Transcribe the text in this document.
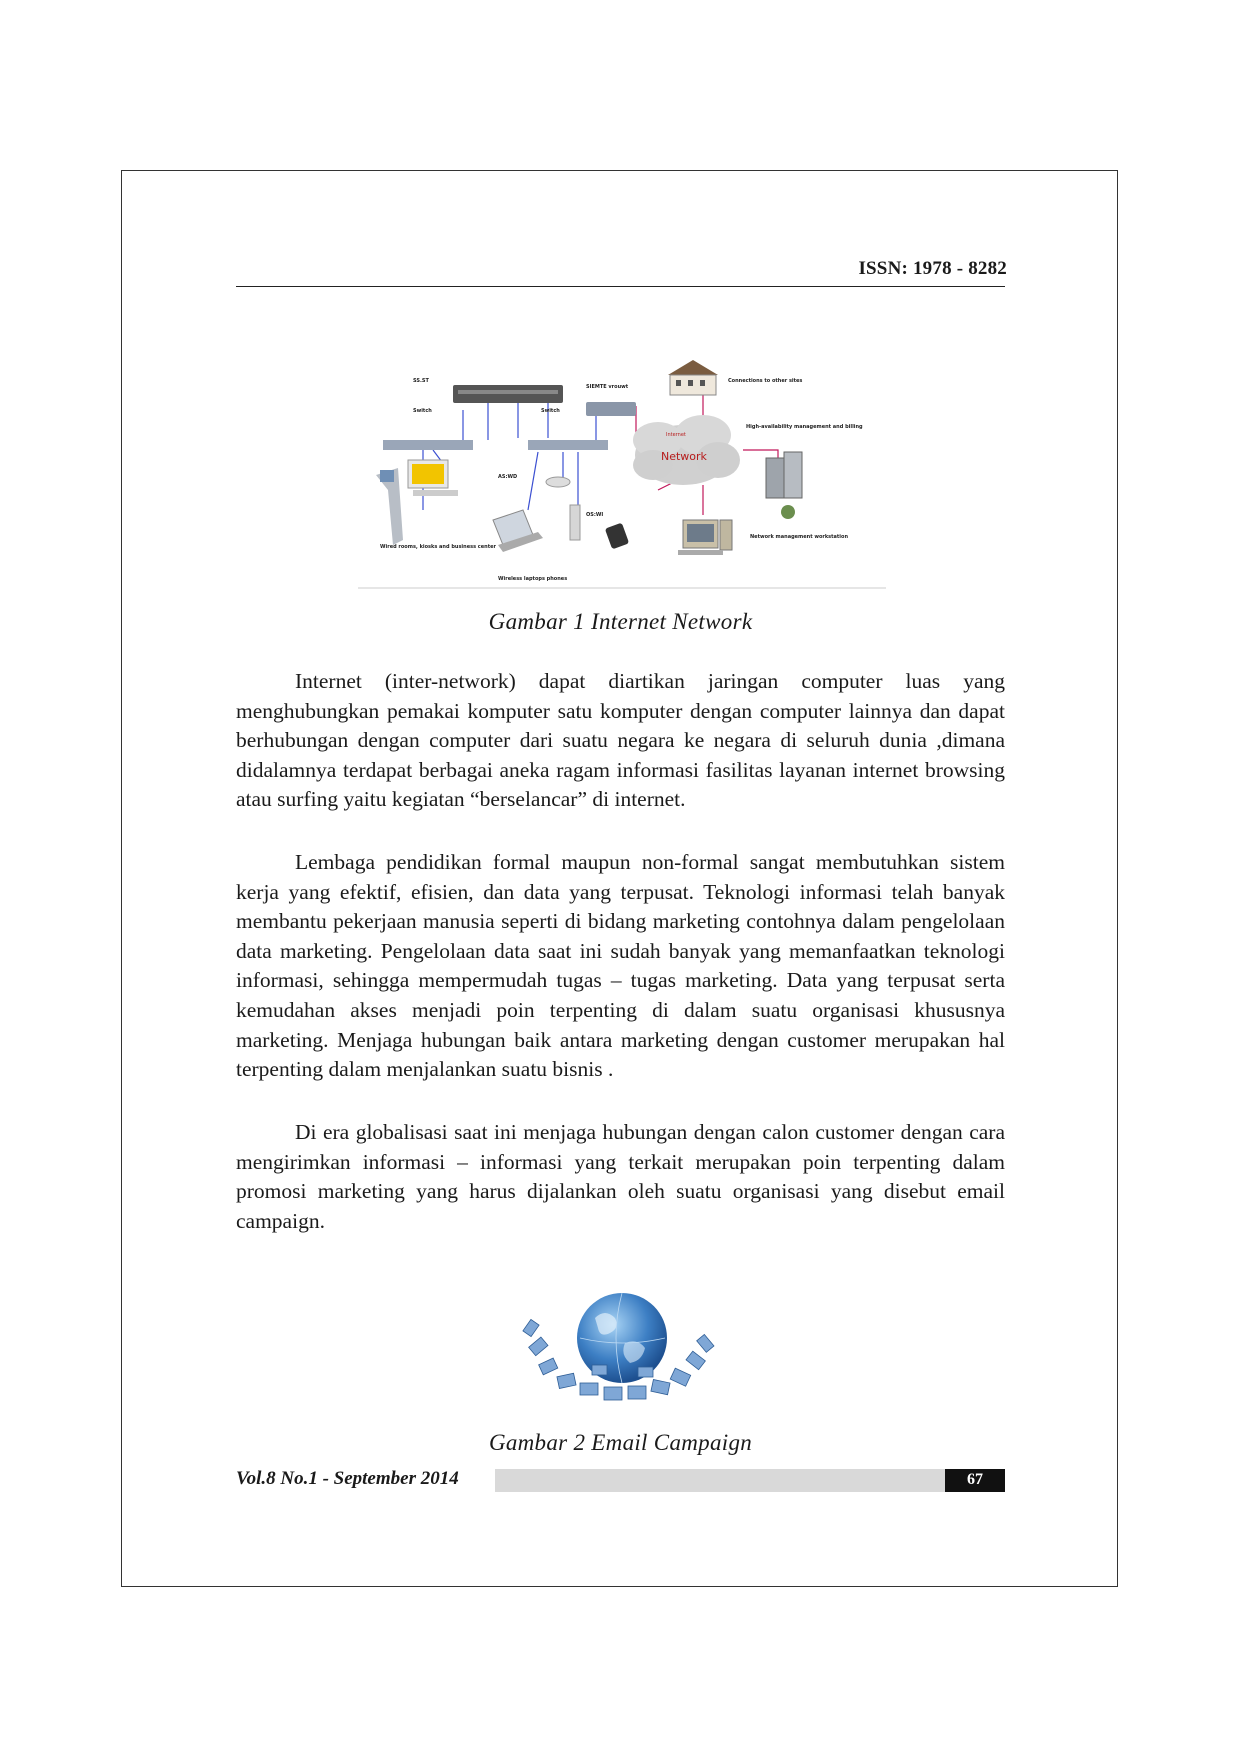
ISSN: 1978 - 8282
SS.ST
Switch	Switch
SIEMTE vrouwt
AS:WD
OS:WI
Internet
Network
Connections to other sites
High-availability management and billing
Network management workstation
Wired rooms, kiosks and business center
Wireless laptops phones
Gambar 1 Internet Network

Internet (inter-network) dapat diartikan jaringan computer luas yang menghubungkan pemakai komputer satu komputer dengan computer lainnya dan dapat berhubungan dengan computer dari suatu negara ke negara di seluruh dunia ,dimana didalamnya terdapat berbagai aneka ragam informasi fasilitas layanan internet browsing atau surfing yaitu kegiatan “berselancar” di internet.

Lembaga pendidikan formal maupun non-formal sangat membutuhkan sistem kerja yang efektif, efisien, dan data yang terpusat. Teknologi informasi telah banyak membantu pekerjaan manusia seperti di bidang marketing contohnya dalam pengelolaan data marketing. Pengelolaan data saat ini sudah banyak yang memanfaatkan teknologi informasi, sehingga mempermudah tugas – tugas marketing. Data yang terpusat serta kemudahan akses menjadi poin terpenting di dalam suatu organisasi khususnya marketing. Menjaga hubungan baik antara marketing dengan customer merupakan hal terpenting dalam menjalankan suatu bisnis .

Di era globalisasi saat ini menjaga hubungan dengan calon customer dengan cara mengirimkan informasi – informasi yang terkait merupakan poin terpenting dalam promosi marketing yang harus dijalankan oleh suatu organisasi yang disebut email campaign.

Gambar 2 Email Campaign
Vol.8 No.1 - September 2014	67
